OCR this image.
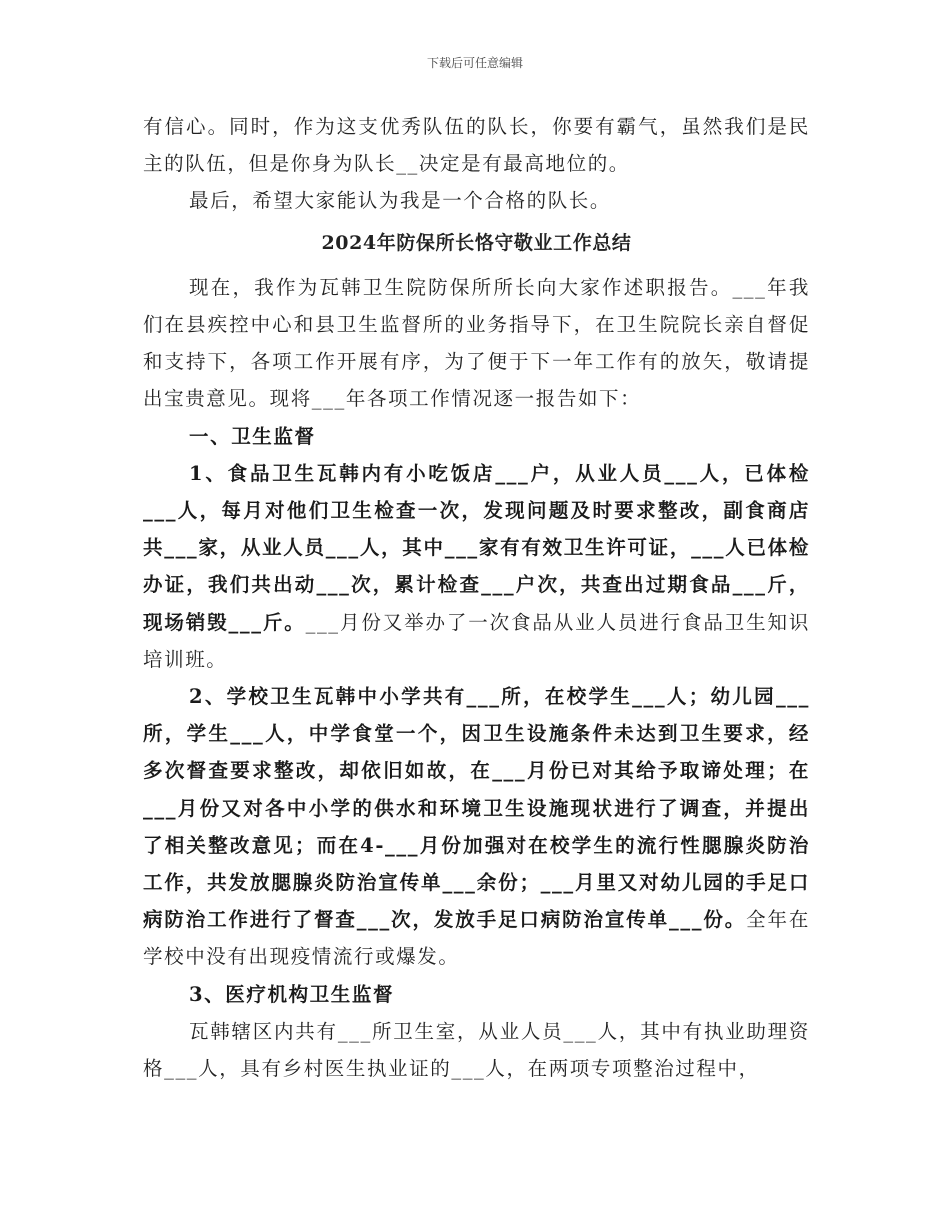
下载后可任意编辑

有信心。同时，作为这支优秀队伍的队长，你要有霸气，虽然我们是民主的队伍，但是你身为队长__决定是有最高地位的。

最后，希望大家能认为我是一个合格的队长。

2024年防保所长恪守敬业工作总结

现在，我作为瓦韩卫生院防保所所长向大家作述职报告。___年我们在县疾控中心和县卫生监督所的业务指导下，在卫生院院长亲自督促和支持下，各项工作开展有序，为了便于下一年工作有的放矢，敬请提出宝贵意见。现将___年各项工作情况逐一报告如下：

一、卫生监督

1、食品卫生瓦韩内有小吃饭店___户，从业人员___人，已体检___人，每月对他们卫生检查一次，发现问题及时要求整改，副食商店共___家，从业人员___人，其中___家有有效卫生许可证，___人已体检办证，我们共出动___次，累计检查___户次，共查出过期食品___斤，现场销毁___斤。___月份又举办了一次食品从业人员进行食品卫生知识培训班。

2、学校卫生瓦韩中小学共有___所，在校学生___人；幼儿园___所，学生___人，中学食堂一个，因卫生设施条件未达到卫生要求，经多次督查要求整改，却依旧如故，在___月份已对其给予取谛处理；在___月份又对各中小学的供水和环境卫生设施现状进行了调查，并提出了相关整改意见；而在4-___月份加强对在校学生的流行性腮腺炎防治工作，共发放腮腺炎防治宣传单___余份；___月里又对幼儿园的手足口病防治工作进行了督查___次，发放手足口病防治宣传单___份。全年在学校中没有出现疫情流行或爆发。

3、医疗机构卫生监督

瓦韩辖区内共有___所卫生室，从业人员___人，其中有执业助理资格___人，具有乡村医生执业证的___人，在两项专项整治过程中，
